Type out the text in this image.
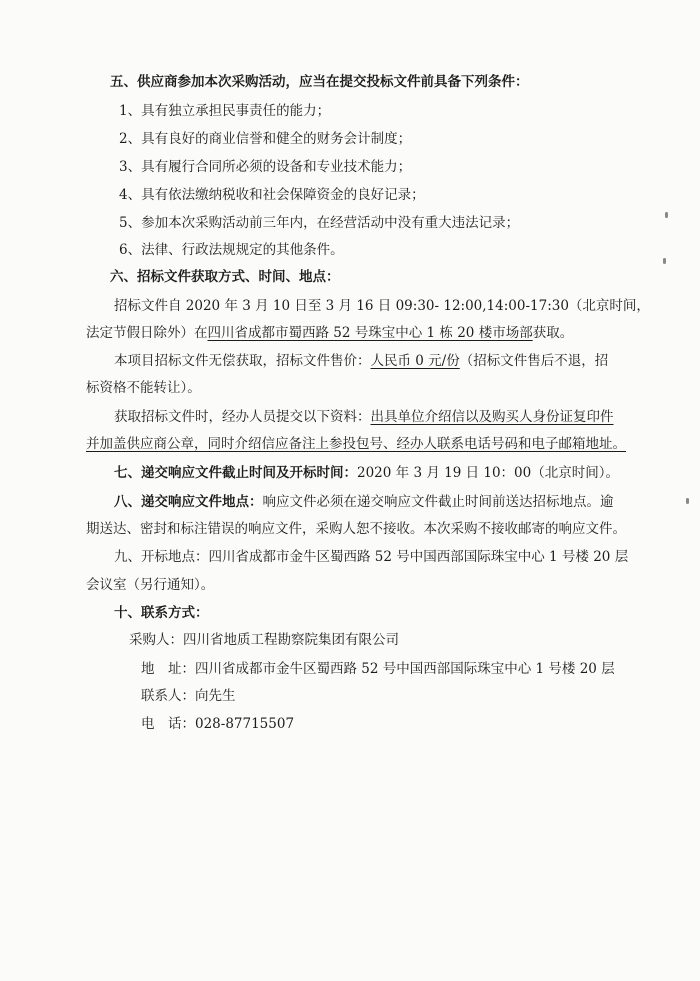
五、供应商参加本次采购活动，应当在提交投标文件前具备下列条件：
1、具有独立承担民事责任的能力；
2、具有良好的商业信誉和健全的财务会计制度；
3、具有履行合同所必须的设备和专业技术能力；
4、具有依法缴纳税收和社会保障资金的良好记录；
5、参加本次采购活动前三年内，在经营活动中没有重大违法记录；
6、法律、行政法规规定的其他条件。
六、招标文件获取方式、时间、地点：
招标文件自 2020 年 3 月 10 日至 3 月 16 日 09:30- 12:00,14:00-17:30（北京时间，
法定节假日除外）在四川省成都市蜀西路 52 号珠宝中心 1 栋 20 楼市场部获取。
本项目招标文件无偿获取，招标文件售价：人民币 0 元/份（招标文件售后不退，招
标资格不能转让）。
获取招标文件时，经办人员提交以下资料：出具单位介绍信以及购买人身份证复印件
并加盖供应商公章，同时介绍信应备注上参投包号、经办人联系电话号码和电子邮箱地址。
七、递交响应文件截止时间及开标时间：2020 年 3 月 19 日 10：00（北京时间）。
八、递交响应文件地点：响应文件必须在递交响应文件截止时间前送达招标地点。逾
期送达、密封和标注错误的响应文件，采购人恕不接收。本次采购不接收邮寄的响应文件。
九、开标地点：四川省成都市金牛区蜀西路 52 号中国西部国际珠宝中心 1 号楼 20 层
会议室（另行通知）。
十、联系方式：
采购人：四川省地质工程勘察院集团有限公司
地　址：四川省成都市金牛区蜀西路 52 号中国西部国际珠宝中心 1 号楼 20 层
联系人：向先生
电　话：028-87715507
